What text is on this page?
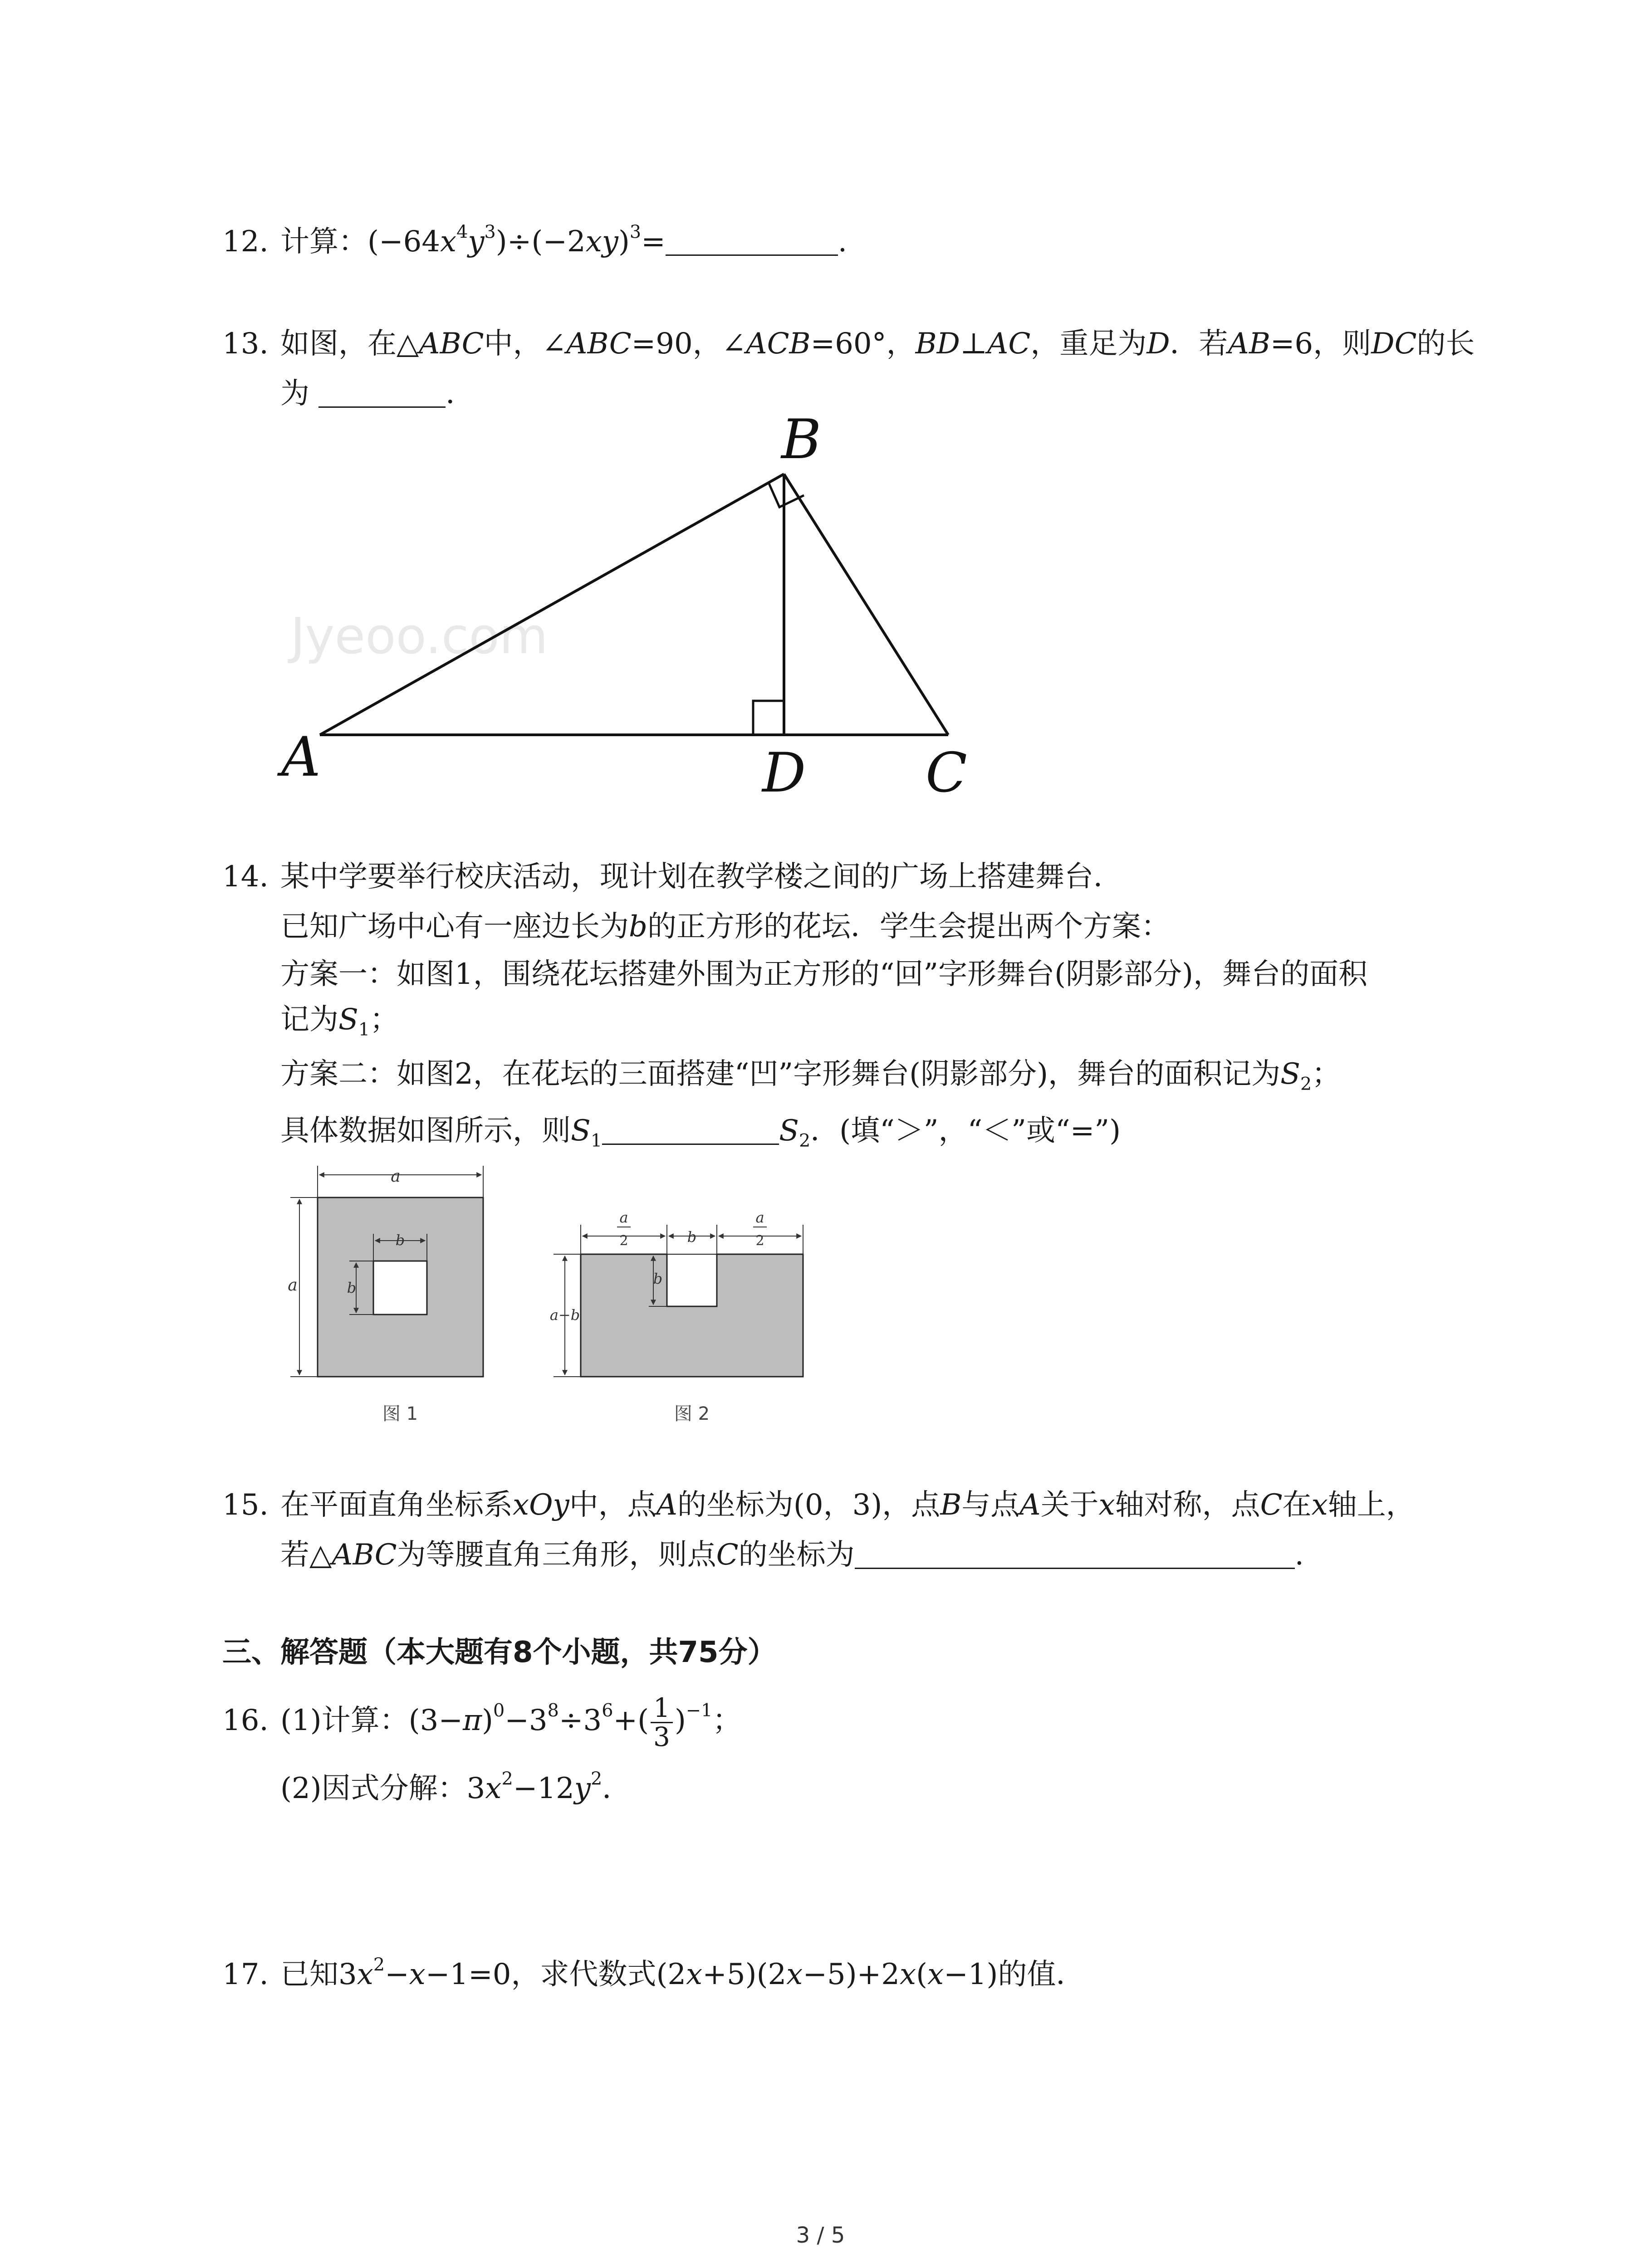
12. 计算：$(-64x^4y^3)\div(-2xy)^3=$	.
13. 如图，在△ABC中，∠ABC=90，∠ACB=60°，BD⊥AC，重足为D．若AB=6，则DC的长
为	．
Jyeoo.com
B
A	D C
14. 某中学要举行校庆活动，现计划在教学楼之间的广场上搭建舞台．
已知广场中心有一座边长为b的正方形的花坛．学生会提出两个方案：
方案一：如图1，围绕花坛搭建外围为正方形的“回”字形舞台(阴影部分)，舞台的面积
记为$S_1$；
方案二：如图2，在花坛的三面搭建“凹”字形舞台(阴影部分)，舞台的面积记为$S_2$；
具体数据如图所示，则$S_1$	$S_2$．(填“＞”，“＜”或“=”)
a
a
b
b
图 1
a
2	b
a
2
b
a−b
图 2
15. 在平面直角坐标系xOy中，点A的坐标为(0，3)，点B与点A关于x轴对称，点C在x轴上，
若△ABC为等腰直角三角形，则点C的坐标为	.
三、解答题（本大题有8个小题，共75分）
16. (1)计算：$(3-\pi)^0-3^8\div 3^6+( \frac{1}{3} )^{-1}$；
(2)因式分解：$3x^2-12y^2$．
17. 已知$3x^2-x-1=0$，求代数式(2x+5)(2x−5)+2x(x−1)的值．
3 / 5
